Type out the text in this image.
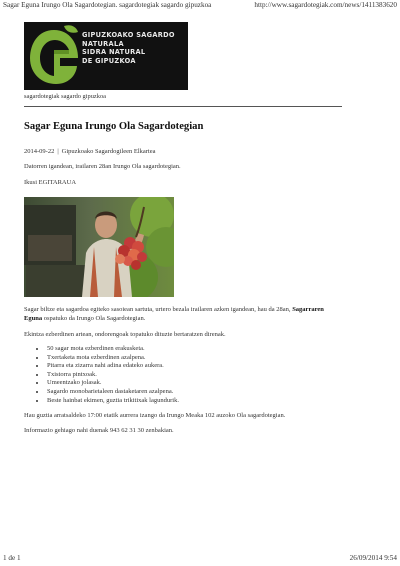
Sagar Eguna Irungo Ola Sagardotegian. sagardotegiak sagardo gipuzkoa	http://www.sagardotegiak.com/news/1411383620
GIPUZKOAKO SAGARDO
NATURALA
SIDRA NATURAL
DE GIPUZKOA
sagardotegiak sagardo gipuzkoa
Sagar Eguna Irungo Ola Sagardotegian
2014-09-22 | Gipuzkoako Sagardogileen Elkartea

Datorren igandean, irailaren 28an Irungo Ola sagardotegian.

Ikusi EGITARAUA

Sagar biltze eta sagardoa egiteko sasoiean sartuta, urtero bezala irailaren azken igandean, hau da 28an, Sagarraren Eguna ospatuko da Irungo Ola Sagardotegian.

Ekintza ezberdinen artean, ondorengoak topatuko dituzte bertaratzen direnak.

• 50 sagar mota ezberdinen erakusketa.
• Txertaketa mota ezberdinen azalpena.
• Pitarra eta zizarra nahi adina edateko aukera.
• Txistorra pintxoak.
• Umeentzako jolasak.
• Sagardo monobarietaleen dastaketaren azalpena.
• Beste hainbat ekimen, guztia trikitixak lagundurik.

Hau guztia arratsaldeko 17:00 etatik aurrera izango da Irungo Meaka 102 auzoko Ola sagardotegian.

Informazio gehiago nahi duenak 943 62 31 30 zenbakian.

1 de 1	26/09/2014 9:54
